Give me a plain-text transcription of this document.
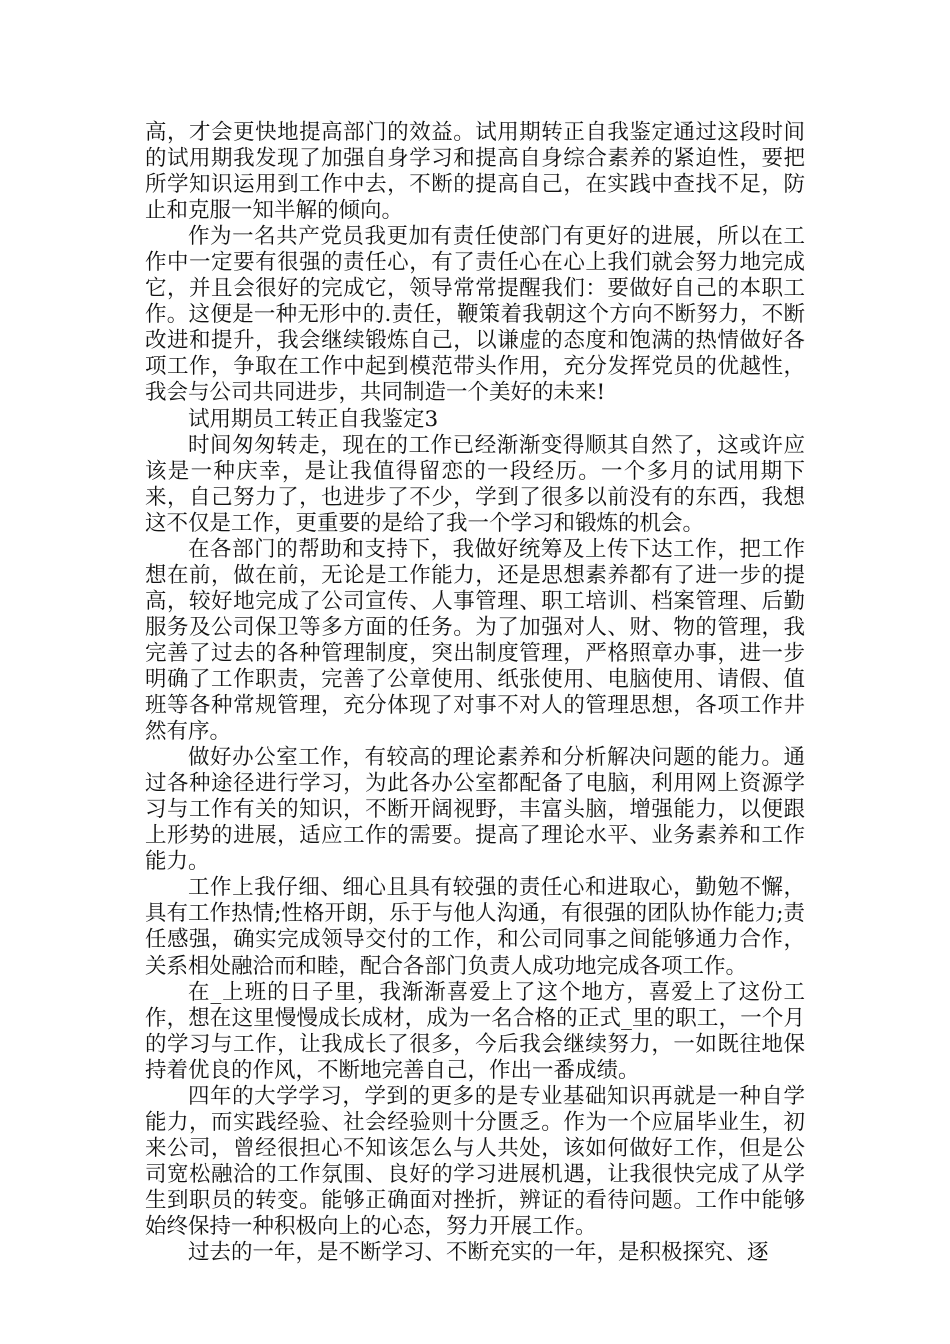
高，才会更快地提高部门的效益。试用期转正自我鉴定通过这段时间的试用期我发现了加强自身学习和提高自身综合素养的紧迫性，要把所学知识运用到工作中去，不断的提高自己，在实践中查找不足，防止和克服一知半解的倾向。

作为一名共产党员我更加有责任使部门有更好的进展，所以在工作中一定要有很强的责任心，有了责任心在心上我们就会努力地完成它，并且会很好的完成它，领导常常提醒我们：要做好自己的本职工作。这便是一种无形中的.责任，鞭策着我朝这个方向不断努力，不断改进和提升，我会继续锻炼自己，以谦虚的态度和饱满的热情做好各项工作，争取在工作中起到模范带头作用，充分发挥党员的优越性，我会与公司共同进步，共同制造一个美好的未来!

试用期员工转正自我鉴定3

时间匆匆转走，现在的工作已经渐渐变得顺其自然了，这或许应该是一种庆幸，是让我值得留恋的一段经历。一个多月的试用期下来，自己努力了，也进步了不少，学到了很多以前没有的东西，我想这不仅是工作，更重要的是给了我一个学习和锻炼的机会。

在各部门的帮助和支持下，我做好统筹及上传下达工作，把工作想在前，做在前，无论是工作能力，还是思想素养都有了进一步的提高，较好地完成了公司宣传、人事管理、职工培训、档案管理、后勤服务及公司保卫等多方面的任务。为了加强对人、财、物的管理，我完善了过去的各种管理制度，突出制度管理，严格照章办事，进一步明确了工作职责，完善了公章使用、纸张使用、电脑使用、请假、值班等各种常规管理，充分体现了对事不对人的管理思想，各项工作井然有序。

做好办公室工作，有较高的理论素养和分析解决问题的能力。通过各种途径进行学习，为此各办公室都配备了电脑，利用网上资源学习与工作有关的知识，不断开阔视野，丰富头脑，增强能力，以便跟上形势的进展，适应工作的需要。提高了理论水平、业务素养和工作能力。

工作上我仔细、细心且具有较强的责任心和进取心，勤勉不懈，具有工作热情;性格开朗，乐于与他人沟通，有很强的团队协作能力;责任感强，确实完成领导交付的工作，和公司同事之间能够通力合作，关系相处融洽而和睦，配合各部门负责人成功地完成各项工作。

在_上班的日子里，我渐渐喜爱上了这个地方，喜爱上了这份工作，想在这里慢慢成长成材，成为一名合格的正式_里的职工，一个月的学习与工作，让我成长了很多，今后我会继续努力，一如既往地保持着优良的作风，不断地完善自己，作出一番成绩。

四年的大学学习，学到的更多的是专业基础知识再就是一种自学能力，而实践经验、社会经验则十分匮乏。作为一个应届毕业生，初来公司，曾经很担心不知该怎么与人共处，该如何做好工作，但是公司宽松融洽的工作氛围、良好的学习进展机遇，让我很快完成了从学生到职员的转变。能够正确面对挫折，辨证的看待问题。工作中能够始终保持一种积极向上的心态，努力开展工作。

过去的一年，是不断学习、不断充实的一年，是积极探究、逐
